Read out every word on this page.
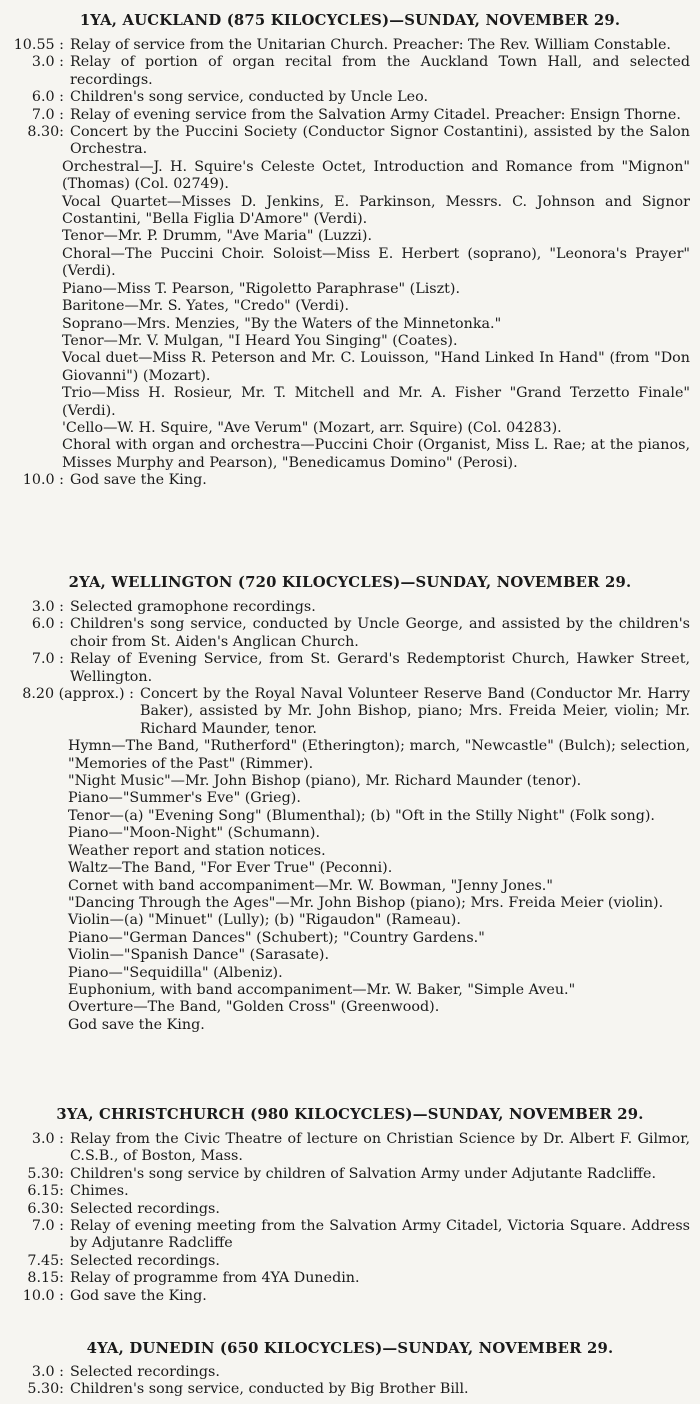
1YA, AUCKLAND (875 KILOCYCLES)—SUNDAY, NOVEMBER 29.
10.55 : Relay of service from the Unitarian Church. Preacher: The Rev. William Constable.
3.0 : Relay of portion of organ recital from the Auckland Town Hall, and selected recordings.
6.0 : Children's song service, conducted by Uncle Leo.
7.0 : Relay of evening service from the Salvation Army Citadel. Preacher: Ensign Thorne.
8.30: Concert by the Puccini Society (Conductor Signor Costantini), assisted by the Salon Orchestra.
Orchestral—J. H. Squire's Celeste Octet, Introduction and Romance from "Mignon" (Thomas) (Col. 02749).
Vocal Quartet—Misses D. Jenkins, E. Parkinson, Messrs. C. Johnson and Signor Costantini, "Bella Figlia D'Amore" (Verdi).
Tenor—Mr. P. Drumm, "Ave Maria" (Luzzi).
Choral—The Puccini Choir. Soloist—Miss E. Herbert (soprano), "Leonora's Prayer" (Verdi).
Piano—Miss T. Pearson, "Rigoletto Paraphrase" (Liszt).
Baritone—Mr. S. Yates, "Credo" (Verdi).
Soprano—Mrs. Menzies, "By the Waters of the Minnetonka."
Tenor—Mr. V. Mulgan, "I Heard You Singing" (Coates).
Vocal duet—Miss R. Peterson and Mr. C. Louisson, "Hand Linked In Hand" (from "Don Giovanni") (Mozart).
Trio—Miss H. Rosieur, Mr. T. Mitchell and Mr. A. Fisher "Grand Terzetto Finale" (Verdi).
'Cello—W. H. Squire, "Ave Verum" (Mozart, arr. Squire) (Col. 04283).
Choral with organ and orchestra—Puccini Choir (Organist, Miss L. Rae; at the pianos, Misses Murphy and Pearson), "Benedicamus Domino" (Perosi).
10.0 : God save the King.
2YA, WELLINGTON (720 KILOCYCLES)—SUNDAY, NOVEMBER 29.
3.0 : Selected gramophone recordings.
6.0 : Children's song service, conducted by Uncle George, and assisted by the children's choir from St. Aiden's Anglican Church.
7.0 : Relay of Evening Service, from St. Gerard's Redemptorist Church, Hawker Street, Wellington.
8.20 (approx.) : Concert by the Royal Naval Volunteer Reserve Band (Conductor Mr. Harry Baker), assisted by Mr. John Bishop, piano; Mrs. Freida Meier, violin; Mr. Richard Maunder, tenor.
Hymn—The Band, "Rutherford" (Etherington); march, "Newcastle" (Bulch); selection, "Memories of the Past" (Rimmer).
"Night Music"—Mr. John Bishop (piano), Mr. Richard Maunder (tenor).
Piano—"Summer's Eve" (Grieg).
Tenor—(a) "Evening Song" (Blumenthal); (b) "Oft in the Stilly Night" (Folk song).
Piano—"Moon-Night" (Schumann).
Weather report and station notices.
Waltz—The Band, "For Ever True" (Peconni).
Cornet with band accompaniment—Mr. W. Bowman, "Jenny Jones."
"Dancing Through the Ages"—Mr. John Bishop (piano); Mrs. Freida Meier (violin).
Violin—(a) "Minuet" (Lully); (b) "Rigaudon" (Rameau).
Piano—"German Dances" (Schubert); "Country Gardens."
Violin—"Spanish Dance" (Sarasate).
Piano—"Sequidilla" (Albeniz).
Euphonium, with band accompaniment—Mr. W. Baker, "Simple Aveu."
Overture—The Band, "Golden Cross" (Greenwood).
God save the King.
3YA, CHRISTCHURCH (980 KILOCYCLES)—SUNDAY, NOVEMBER 29.
3.0 : Relay from the Civic Theatre of lecture on Christian Science by Dr. Albert F. Gilmor, C.S.B., of Boston, Mass.
5.30: Children's song service by children of Salvation Army under Adjutante Radcliffe.
6.15: Chimes.
6.30: Selected recordings.
7.0 : Relay of evening meeting from the Salvation Army Citadel, Victoria Square. Address by Adjutanre Radcliffe
7.45: Selected recordings.
8.15: Relay of programme from 4YA Dunedin.
10.0 : God save the King.
4YA, DUNEDIN (650 KILOCYCLES)—SUNDAY, NOVEMBER 29.
3.0 : Selected recordings.
5.30: Children's song service, conducted by Big Brother Bill.
